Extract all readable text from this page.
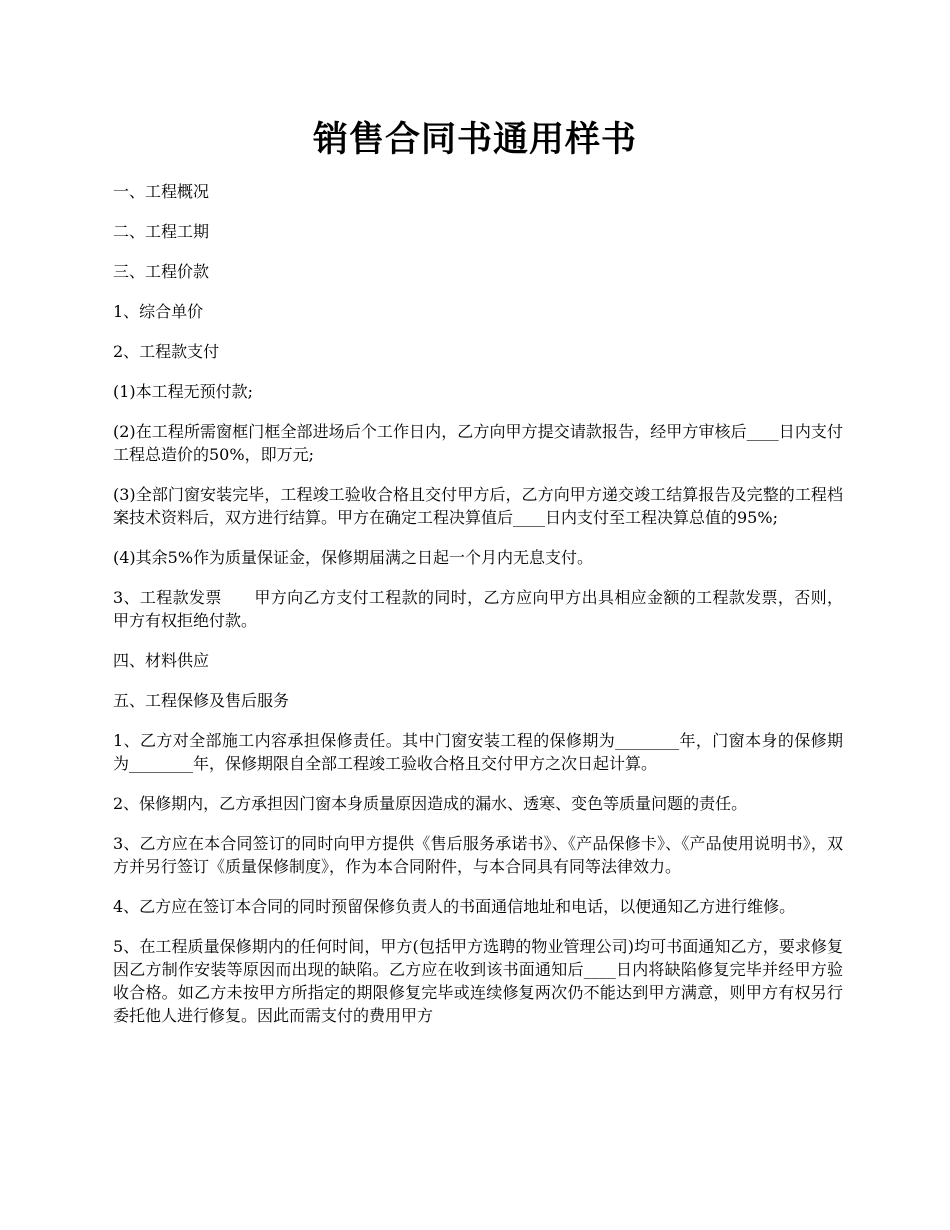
销售合同书通用样书

一、工程概况

二、工程工期

三、工程价款

1、综合单价

2、工程款支付

(1)本工程无预付款;

(2)在工程所需窗框门框全部进场后个工作日内，乙方向甲方提交请款报告，经甲方审核后____日内支付工程总造价的50%，即万元;

(3)全部门窗安装完毕，工程竣工验收合格且交付甲方后，乙方向甲方递交竣工结算报告及完整的工程档案技术资料后，双方进行结算。甲方在确定工程决算值后____日内支付至工程决算总值的95%;

(4)其余5%作为质量保证金，保修期届满之日起一个月内无息支付。

3、工程款发票　　甲方向乙方支付工程款的同时，乙方应向甲方出具相应金额的工程款发票，否则，甲方有权拒绝付款。

四、材料供应

五、工程保修及售后服务

1、乙方对全部施工内容承担保修责任。其中门窗安装工程的保修期为________年，门窗本身的保修期为________年，保修期限自全部工程竣工验收合格且交付甲方之次日起计算。

2、保修期内，乙方承担因门窗本身质量原因造成的漏水、透寒、变色等质量问题的责任。

3、乙方应在本合同签订的同时向甲方提供《售后服务承诺书》、《产品保修卡》、《产品使用说明书》，双方并另行签订《质量保修制度》，作为本合同附件，与本合同具有同等法律效力。

4、乙方应在签订本合同的同时预留保修负责人的书面通信地址和电话，以便通知乙方进行维修。

5、在工程质量保修期内的任何时间，甲方(包括甲方选聘的物业管理公司)均可书面通知乙方，要求修复因乙方制作安装等原因而出现的缺陷。乙方应在收到该书面通知后____日内将缺陷修复完毕并经甲方验收合格。如乙方未按甲方所指定的期限修复完毕或连续修复两次仍不能达到甲方满意，则甲方有权另行委托他人进行修复。因此而需支付的费用甲方
